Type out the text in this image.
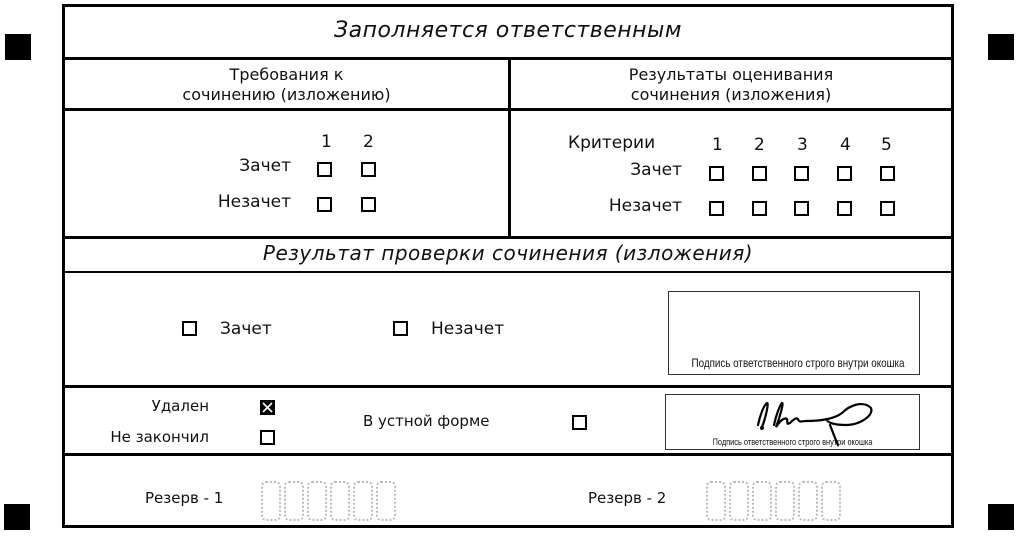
Заполняется ответственным
Требования к
сочинению (изложению)
Результаты оценивания
сочинения (изложения)
1 2
Зачет
Незачет
Критерии	1 2 3 4 5
Зачет
Незачет
Результат проверки сочинения (изложения)
Зачет	Незачет
Подпись ответственного строго внутри окошка
Удален
Не закончил
В устной форме
Подпись ответственного строго внутри окошка
Резерв - 1	Резерв - 2
